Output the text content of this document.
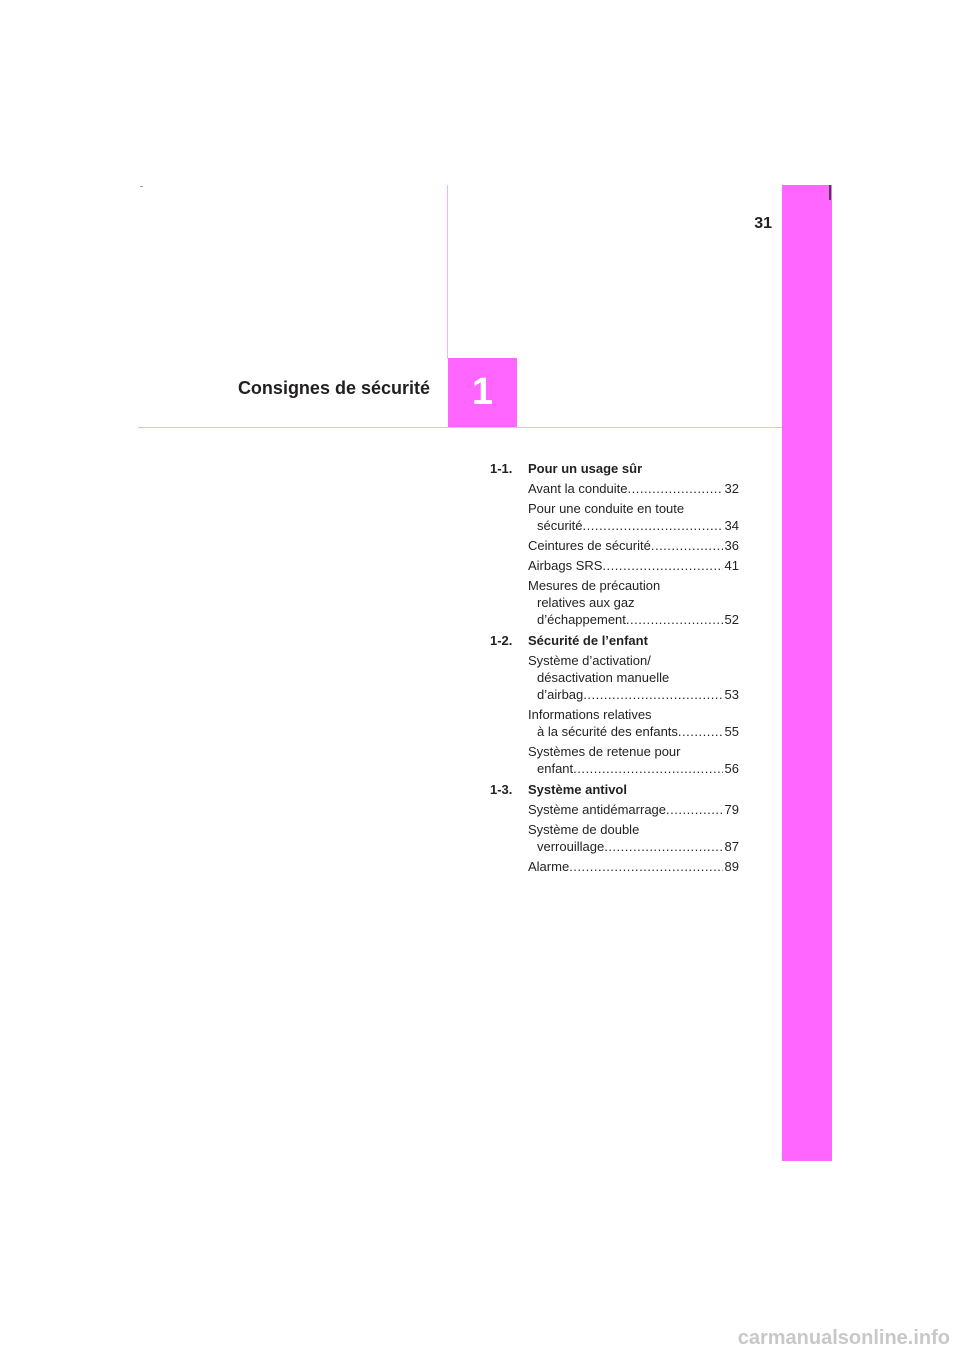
31
Consignes de sécurité 1
1-1.	Pour un usage sûr
Avant la conduite .....	32
Pour une conduite en toute
sécurité .....	34
Ceintures de sécurité .....	36
Airbags SRS .....	41
Mesures de précaution
relatives aux gaz
d’échappement .....	52
1-2.	Sécurité de l’enfant
Système d’activation/
désactivation manuelle
d’airbag .....	53
Informations relatives
à la sécurité des enfants .....	55
Systèmes de retenue pour
enfant .....	56
1-3.	Système antivol
Système antidémarrage .....	79
Système de double
verrouillage .....	87
Alarme .....	89
carmanualsonline.info
